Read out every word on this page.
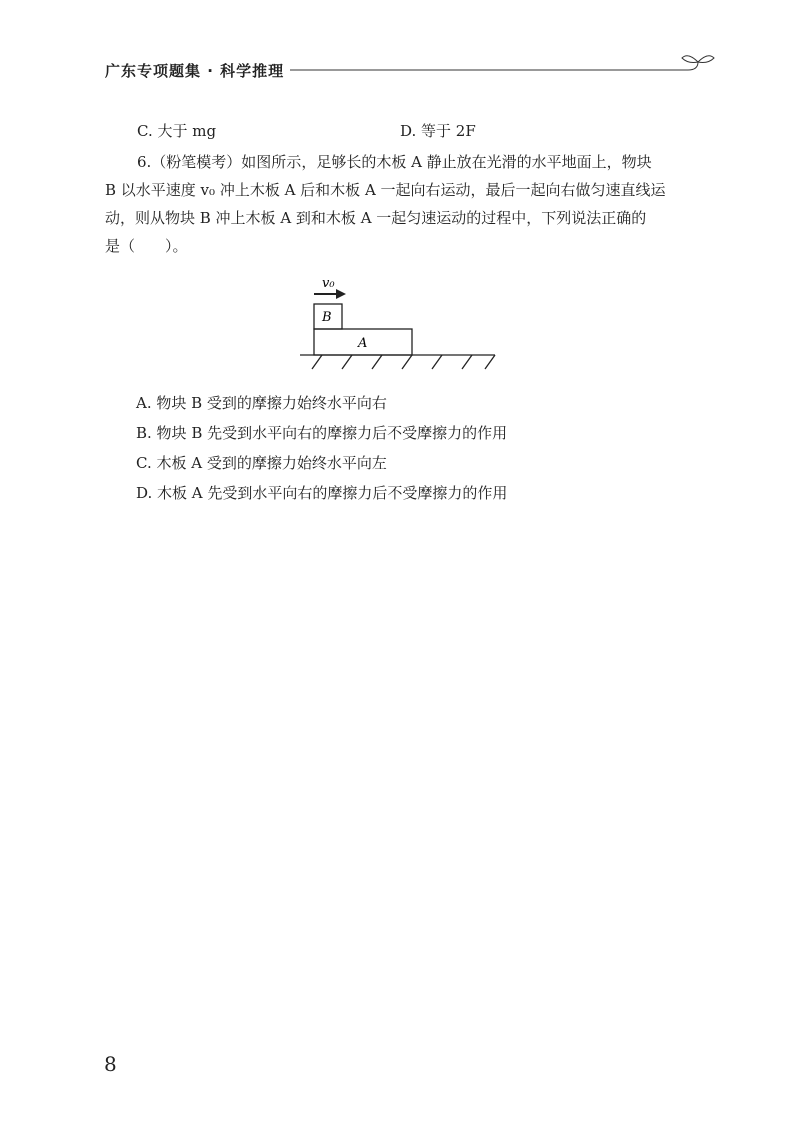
广东专项题集 · 科学推理
C. 大于 mg	D. 等于 2F

6.（粉笔模考）如图所示，足够长的木板 A 静止放在光滑的水平地面上，物块

B 以水平速度 v₀ 冲上木板 A 后和木板 A 一起向右运动，最后一起向右做匀速直线运

动，则从物块 B 冲上木板 A 到和木板 A 一起匀速运动的过程中，下列说法正确的

是（　　）。

v₀
B
A
A. 物块 B 受到的摩擦力始终水平向右
B. 物块 B 先受到水平向右的摩擦力后不受摩擦力的作用
C. 木板 A 受到的摩擦力始终水平向左
D. 木板 A 先受到水平向右的摩擦力后不受摩擦力的作用
8
